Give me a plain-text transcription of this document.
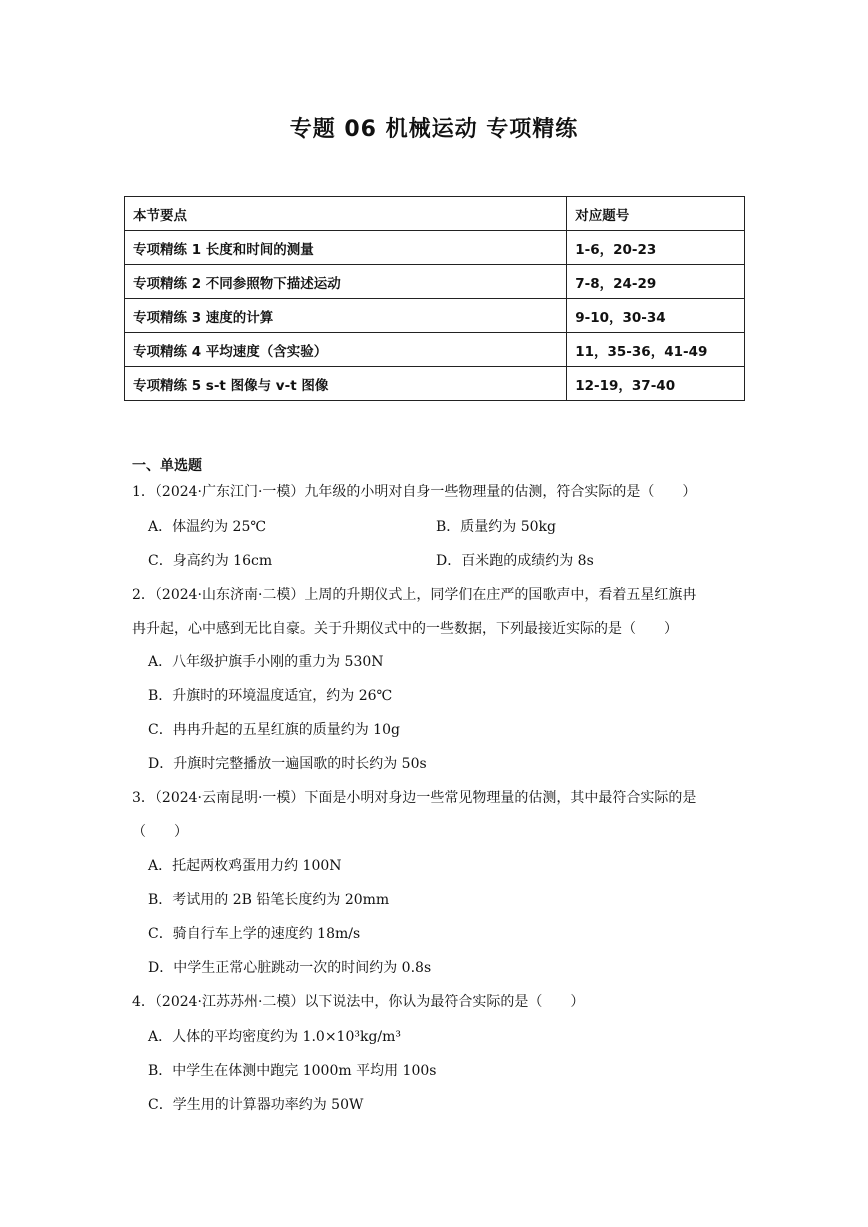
专题 06 机械运动 专项精练
本节要点	对应题号
专项精练 1 长度和时间的测量	1-6，20-23
专项精练 2 不同参照物下描述运动	7-8，24-29
专项精练 3 速度的计算	9-10，30-34
专项精练 4 平均速度（含实验）	11，35-36，41-49
专项精练 5 s-t 图像与 v-t 图像	12-19，37-40
一、单选题
1．（2024·广东江门·一模）九年级的小明对自身一些物理量的估测，符合实际的是（　　）
A．体温约为 25℃	B．质量约为 50kg
C．身高约为 16cm	D．百米跑的成绩约为 8s
2．（2024·山东济南·二模）上周的升期仪式上，同学们在庄严的国歌声中，看着五星红旗冉
冉升起，心中感到无比自豪。关于升期仪式中的一些数据，下列最接近实际的是（　　）
A．八年级护旗手小刚的重力为 530N
B．升旗时的环境温度适宜，约为 26℃
C．冉冉升起的五星红旗的质量约为 10g
D．升旗时完整播放一遍国歌的时长约为 50s
3．（2024·云南昆明·一模）下面是小明对身边一些常见物理量的估测，其中最符合实际的是
（　　）
A．托起两枚鸡蛋用力约 100N
B．考试用的 2B 铅笔长度约为 20mm
C．骑自行车上学的速度约 18m/s
D．中学生正常心脏跳动一次的时间约为 0.8s
4．（2024·江苏苏州·二模）以下说法中，你认为最符合实际的是（　　）
A．人体的平均密度约为 1.0×10³kg/m³
B．中学生在体测中跑完 1000m 平均用 100s
C．学生用的计算器功率约为 50W
